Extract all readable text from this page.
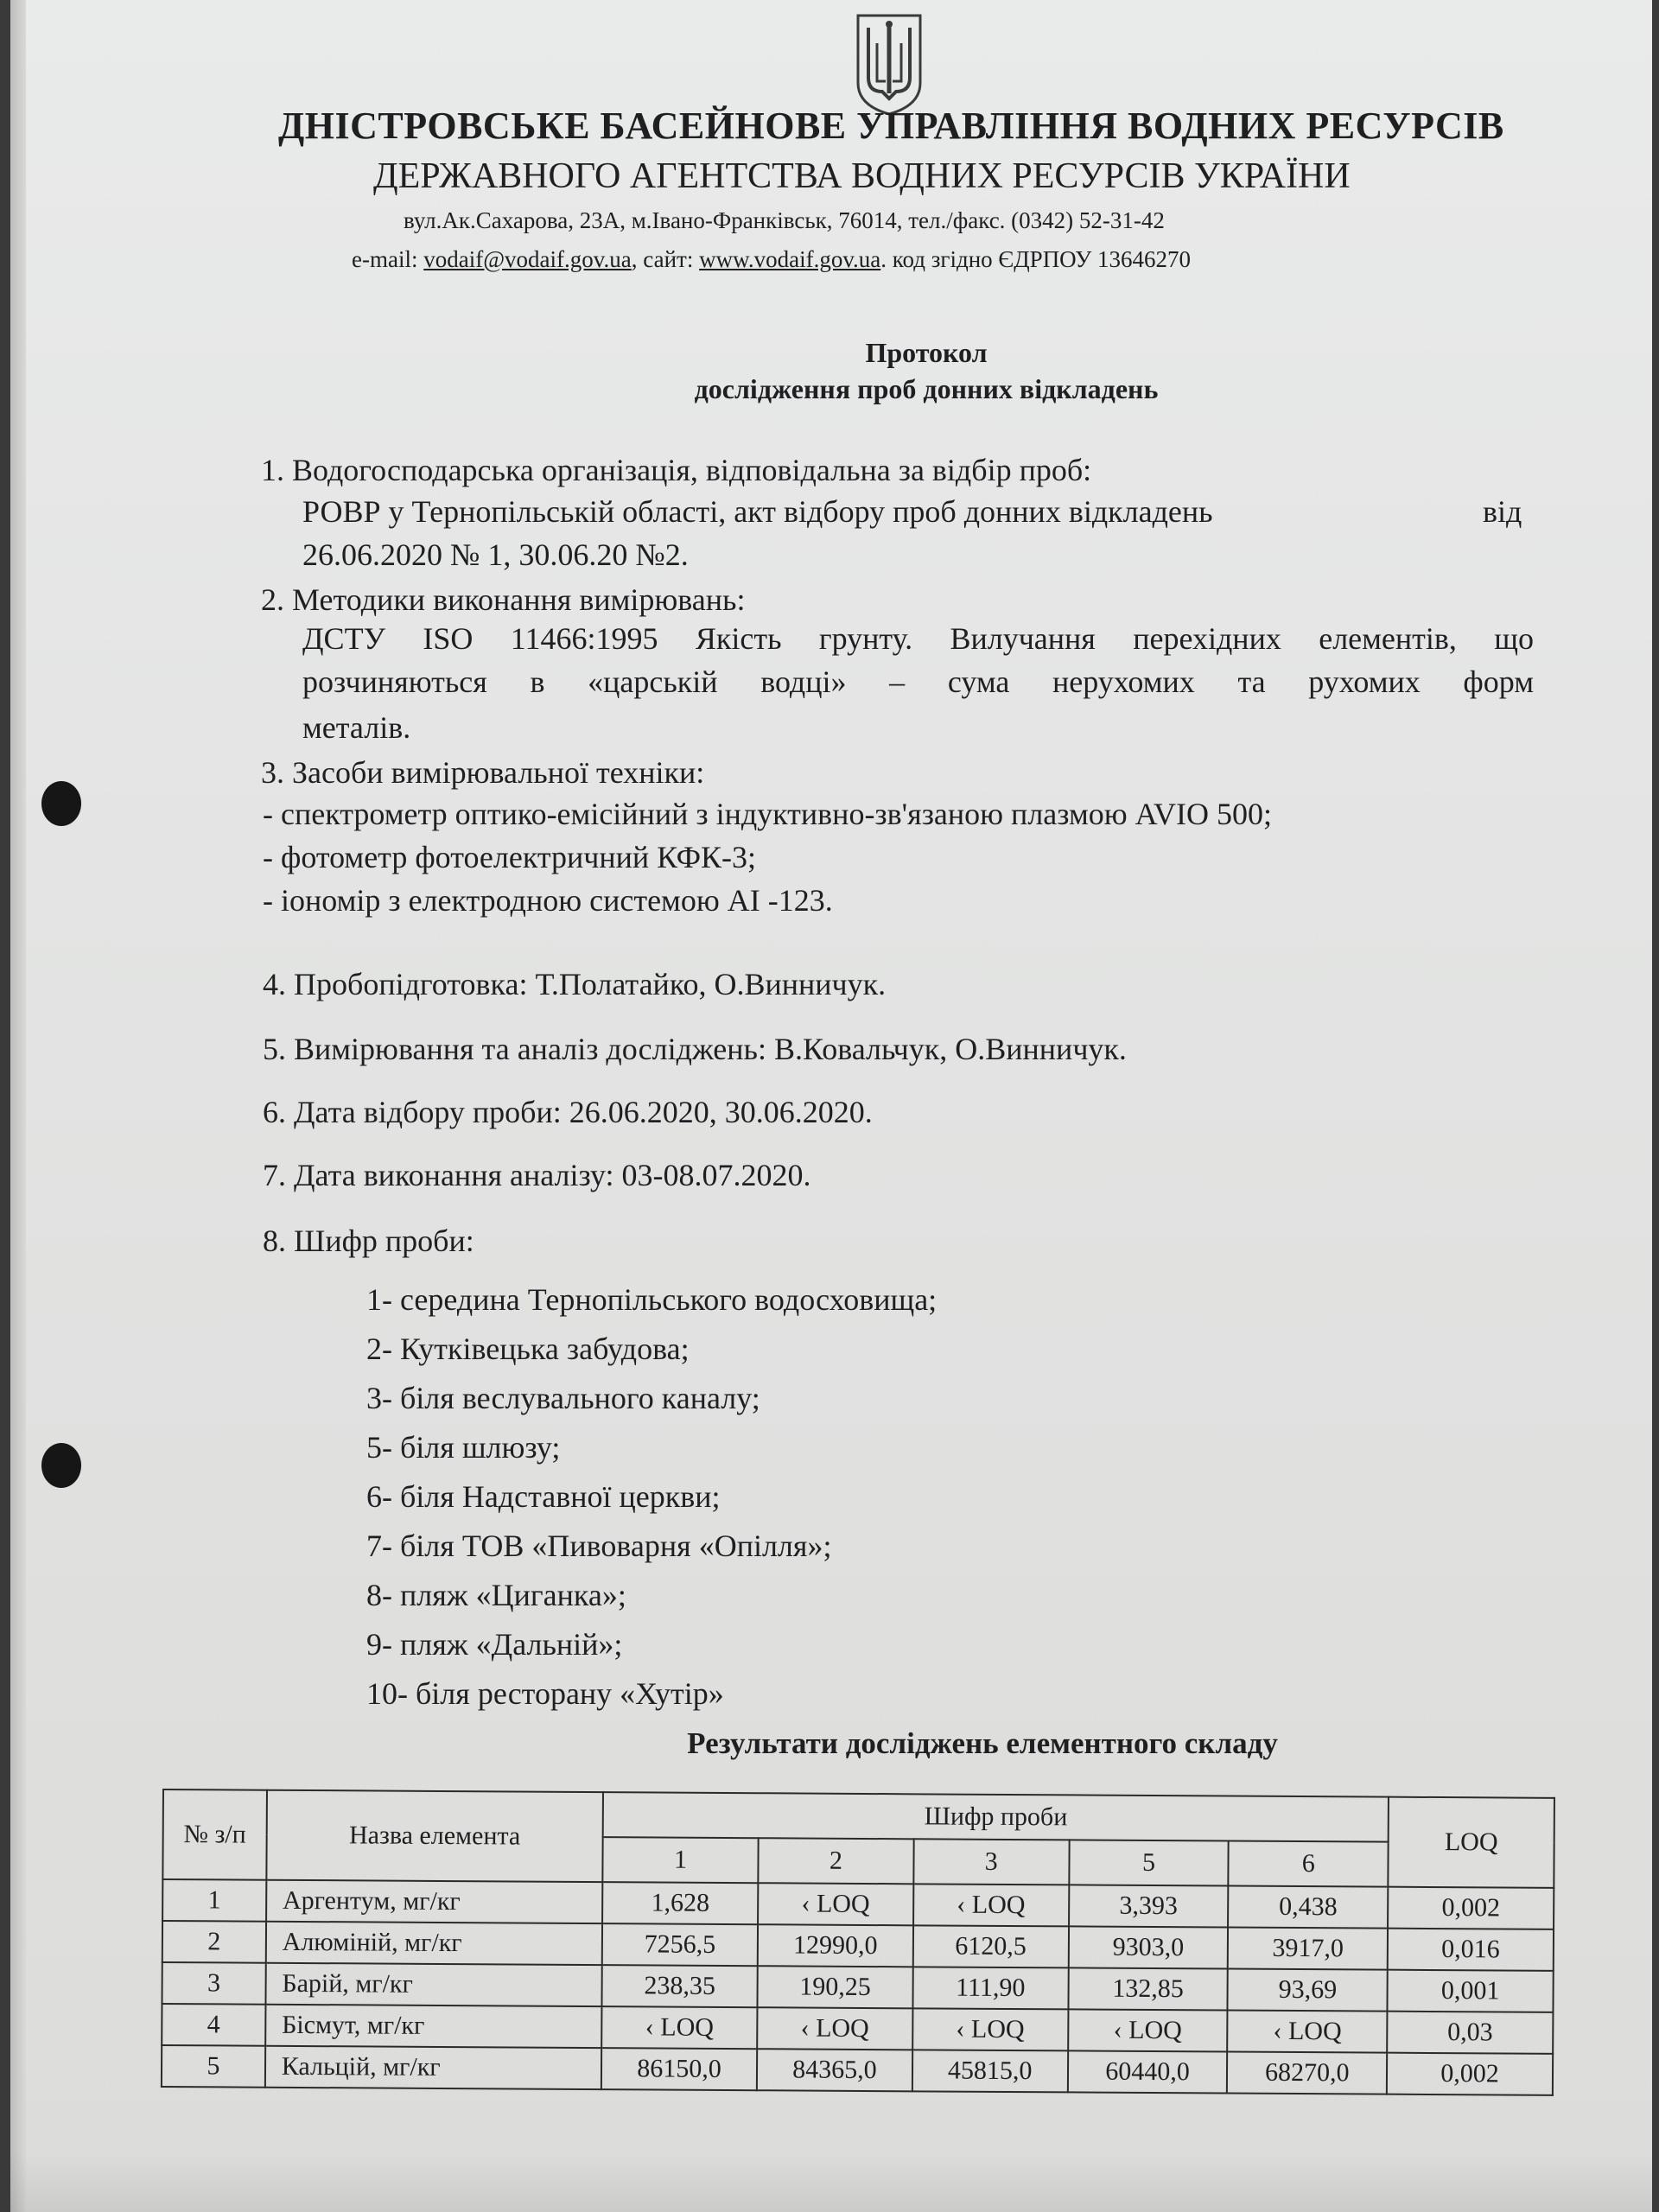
ДНІСТРОВСЬКЕ БАСЕЙНОВЕ УПРАВЛІННЯ ВОДНИХ РЕСУРСІВ
ДЕРЖАВНОГО АГЕНТСТВА ВОДНИХ РЕСУРСІВ УКРАЇНИ
вул.Ак.Сахарова, 23А, м.Івано-Франківськ, 76014, тел./факс. (0342) 52-31-42
e-mail: vodaif@vodaif.gov.ua, сайт: www.vodaif.gov.ua. код згідно ЄДРПОУ 13646270
Протокол
дослідження проб донних відкладень
1. Водогосподарська організація, відповідальна за відбір проб:
РОВР у Тернопільській області, акт відбору проб донних відкладень	від
26.06.2020 № 1, 30.06.20 №2.
2. Методики виконання вимірювань:
ДСТУ ISO 11466:1995 Якість грунту. Вилучання перехідних елементів, що
розчиняються в «царській водці» – сума нерухомих та рухомих форм
металів.
3. Засоби вимірювальної техніки:
- спектрометр оптико-емісійний з індуктивно-зв'язаною плазмою AVIO 500;
- фотометр фотоелектричний КФК-3;
- іономір з електродною системою АІ -123.
4. Пробопідготовка: Т.Полатайко, О.Винничук.
5. Вимірювання та аналіз досліджень: В.Ковальчук, О.Винничук.
6. Дата відбору проби: 26.06.2020, 30.06.2020.
7. Дата виконання аналізу: 03-08.07.2020.
8. Шифр проби:
1- середина Тернопільського водосховища;
2- Кутківецька забудова;
3- біля веслувального каналу;
5- біля шлюзу;
6- біля Надставної церкви;
7- біля ТОВ «Пивоварня «Опілля»;
8- пляж «Циганка»;
9- пляж «Дальній»;
10- біля ресторану «Хутір»
Результати досліджень елементного складу
№ з/п	Назва елемента	Шифр проби					LOQ
		1	2	3	5	6	
1	Аргентум, мг/кг	1,628	‹ LOQ	‹ LOQ	3,393	0,438	0,002
2	Алюміній, мг/кг	7256,5	12990,0	6120,5	9303,0	3917,0	0,016
3	Барій, мг/кг	238,35	190,25	111,90	132,85	93,69	0,001
4	Бісмут, мг/кг	‹ LOQ	‹ LOQ	‹ LOQ	‹ LOQ	‹ LOQ	0,03
5	Кальцій, мг/кг	86150,0	84365,0	45815,0	60440,0	68270,0	0,002
